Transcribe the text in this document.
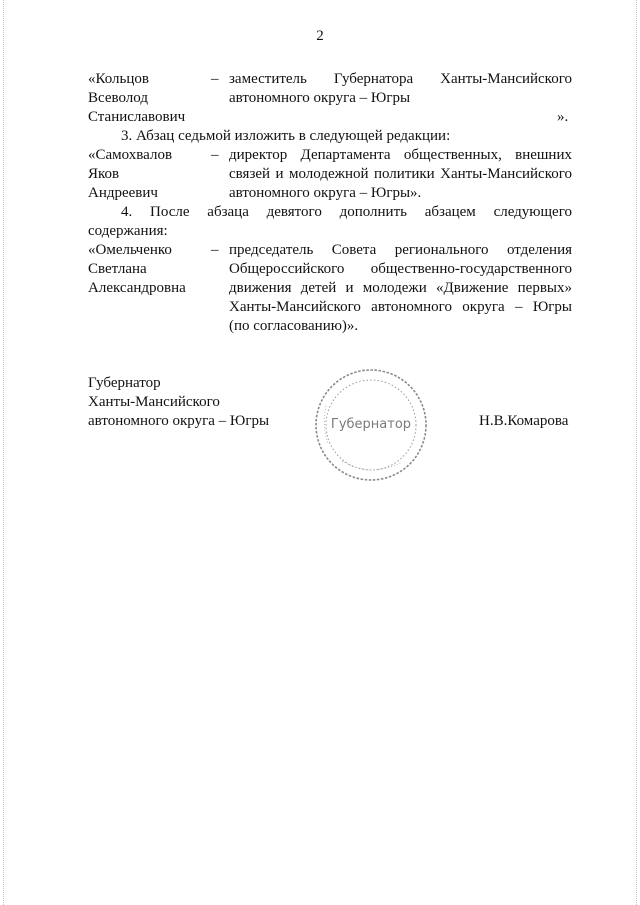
2
«Кольцов
Всеволод
Станиславович
– заместитель Губернатора Ханты-Мансийского
автономного округа – Югры
».
3. Абзац седьмой изложить в следующей редакции:
«Самохвалов
Яков
Андреевич
– директор Департамента общественных, внешних
связей и молодежной политики Ханты-Мансийского
автономного округа – Югры».
4. После абзаца девятого дополнить абзацем следующего
содержания:
«Омельченко
Светлана
Александровна
– председатель Совета регионального отделения
Общероссийского общественно-государственного
движения детей и молодежи «Движение первых»
Ханты-Мансийского автономного округа – Югры
(по согласованию)».
Губернатор
Ханты-Мансийского
автономного округа – Югры	Н.В.Комарова
Губернатор
